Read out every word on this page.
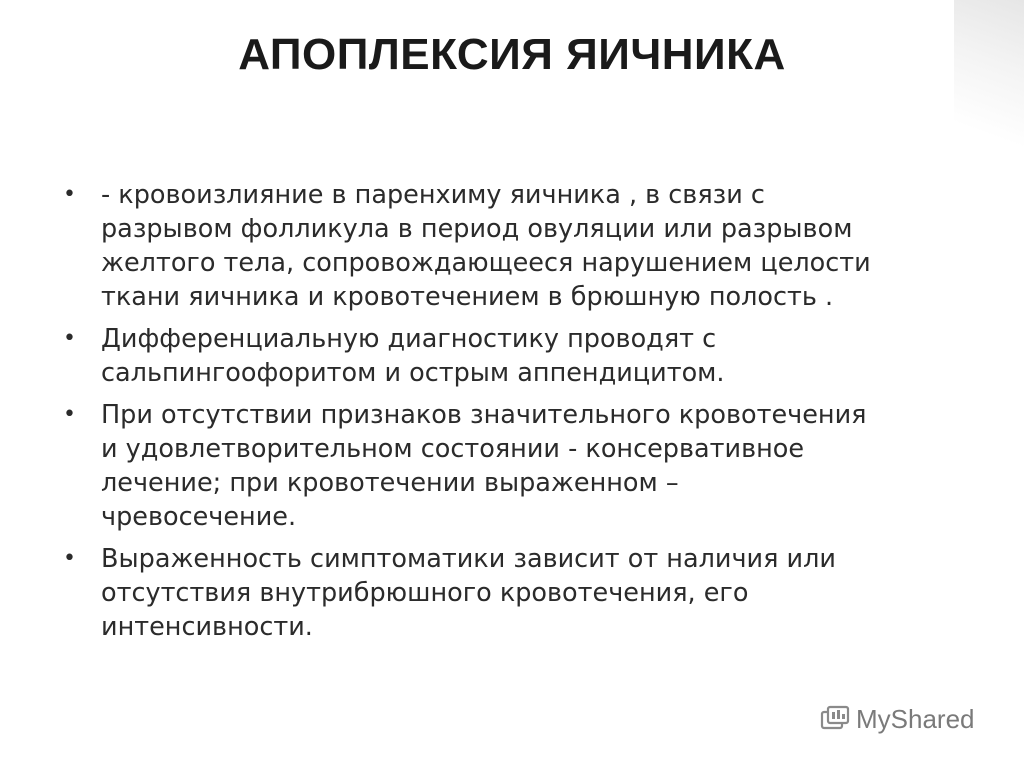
АПОПЛЕКСИЯ ЯИЧНИКА
• - кровоизлияние в паренхиму яичника , в связи с
разрывом фолликула в период овуляции или разрывом
желтого тела, сопровождающееся нарушением целости
ткани яичника и кровотечением в брюшную полость .
• Дифференциальную диагностику проводят с
сальпингоофоритом и острым аппендицитом.
• При отсутствии признаков значительного кровотечения
и удовлетворительном состоянии - консервативное
лечение; при кровотечении выраженном –
чревосечение.
• Выраженность симптоматики зависит от наличия или
отсутствия внутрибрюшного кровотечения, его
интенсивности.
MyShared
